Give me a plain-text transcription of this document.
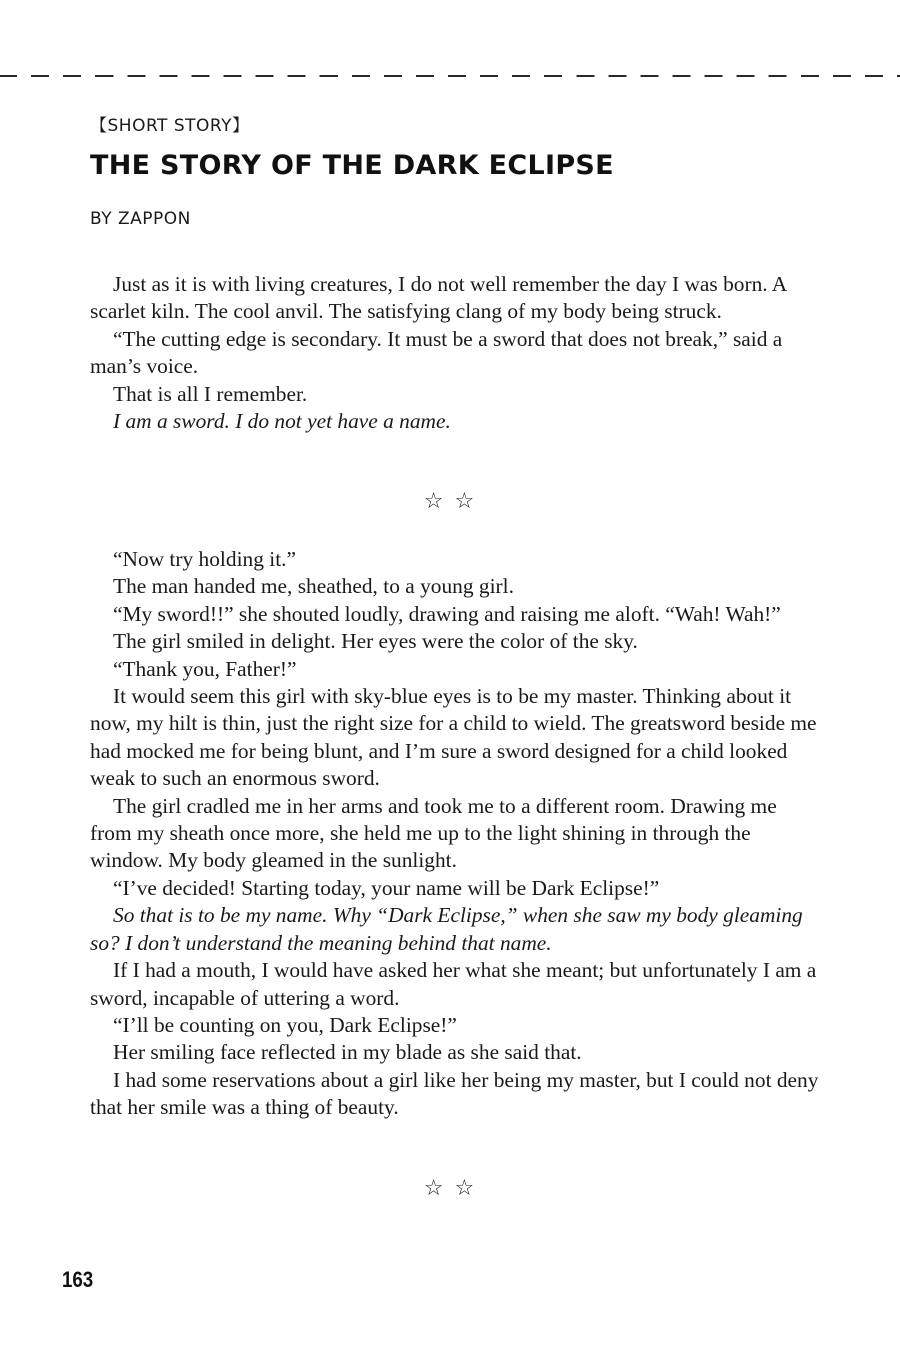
【SHORT STORY】
THE STORY OF THE DARK ECLIPSE
BY ZAPPON

Just as it is with living creatures, I do not well remember the day I was born. A scarlet kiln. The cool anvil. The satisfying clang of my body being struck.

“The cutting edge is secondary. It must be a sword that does not break,” said a man’s voice.

That is all I remember.

I am a sword. I do not yet have a name.

☆ ☆

“Now try holding it.”

The man handed me, sheathed, to a young girl.

“My sword!!” she shouted loudly, drawing and raising me aloft. “Wah! Wah!”

The girl smiled in delight. Her eyes were the color of the sky.

“Thank you, Father!”

It would seem this girl with sky-blue eyes is to be my master. Thinking about it now, my hilt is thin, just the right size for a child to wield. The greatsword beside me had mocked me for being blunt, and I’m sure a sword designed for a child looked weak to such an enormous sword.

The girl cradled me in her arms and took me to a different room. Drawing me from my sheath once more, she held me up to the light shining in through the window. My body gleamed in the sunlight.

“I’ve decided! Starting today, your name will be Dark Eclipse!”

So that is to be my name. Why “Dark Eclipse,” when she saw my body gleaming so? I don’t understand the meaning behind that name.

If I had a mouth, I would have asked her what she meant; but unfortunately I am a sword, incapable of uttering a word.

“I’ll be counting on you, Dark Eclipse!”

Her smiling face reflected in my blade as she said that.

I had some reservations about a girl like her being my master, but I could not deny that her smile was a thing of beauty.

☆ ☆
163
